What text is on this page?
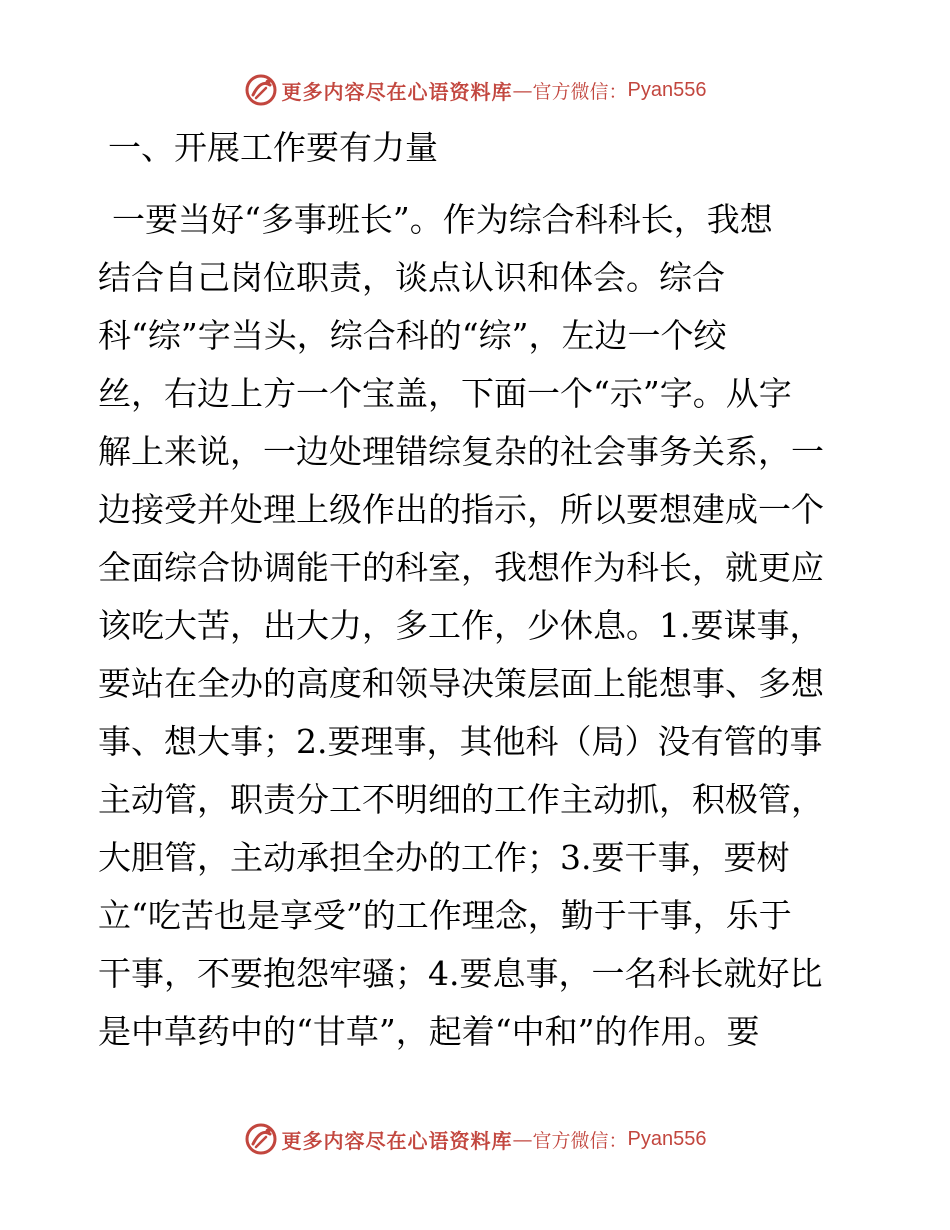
更多内容尽在心语资料库 — 官方微信： Pyan556
一、开展工作要有力量
一要当好“多事班长”。作为综合科科长，我想
结合自己岗位职责，谈点认识和体会。综合
科“综”字当头，综合科的“综”，左边一个绞
丝，右边上方一个宝盖，下面一个“示”字。从字
解上来说，一边处理错综复杂的社会事务关系，一
边接受并处理上级作出的指示，所以要想建成一个
全面综合协调能干的科室，我想作为科长，就更应
该吃大苦，出大力，多工作，少休息。1.要谋事，
要站在全办的高度和领导决策层面上能想事、多想
事、想大事；2.要理事，其他科（局）没有管的事
主动管，职责分工不明细的工作主动抓，积极管，
大胆管，主动承担全办的工作；3.要干事，要树
立“吃苦也是享受”的工作理念，勤于干事，乐于
干事，不要抱怨牢骚；4.要息事，一名科长就好比
是中草药中的“甘草”，起着“中和”的作用。要
更多内容尽在心语资料库 — 官方微信： Pyan556
